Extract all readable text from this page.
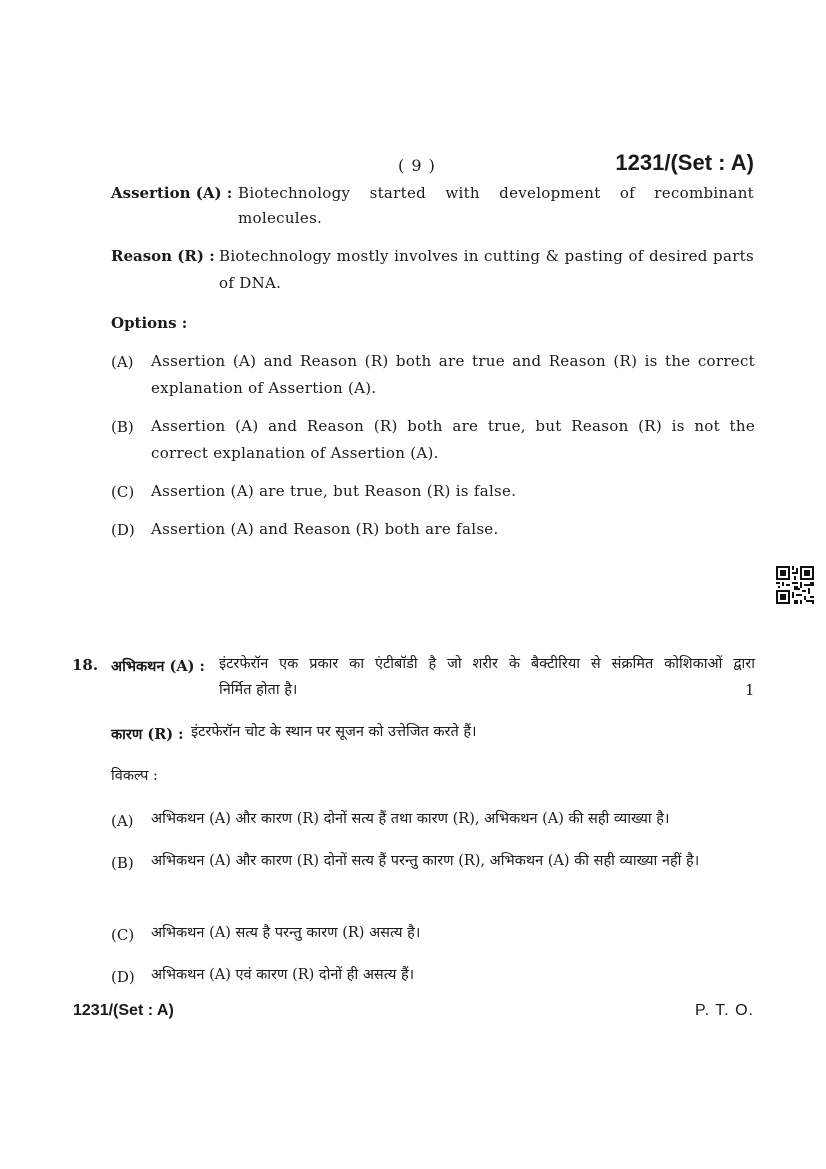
( 9 )	1231/(Set : A)
Assertion (A) : Biotechnology started with development of recombinant
molecules.
Reason (R) : Biotechnology mostly involves in cutting & pasting of desired parts
of DNA.
Options :
(A) Assertion (A) and Reason (R) both are true and Reason (R) is the correct explanation of Assertion (A).
(B) Assertion (A) and Reason (R) both are true, but Reason (R) is not the correct explanation of Assertion (A).
(C) Assertion (A) are true, but Reason (R) is false.
(D) Assertion (A) and Reason (R) both are false.
18. अभिकथन (A) : इंटरफेरॉन एक प्रकार का एंटीबॉडी है जो शरीर के बैक्टीरिया से संक्रमित कोशिकाओं द्वारा
निर्मित होता है।	1
कारण (R) : इंटरफेरॉन चोट के स्थान पर सूजन को उत्तेजित करते हैं।
विकल्प :
(A) अभिकथन (A) और कारण (R) दोनों सत्य हैं तथा कारण (R), अभिकथन (A) की सही व्याख्या है।
(B) अभिकथन (A) और कारण (R) दोनों सत्य हैं परन्तु कारण (R), अभिकथन (A) की सही व्याख्या नहीं है।
(C) अभिकथन (A) सत्य है परन्तु कारण (R) असत्य है।
(D) अभिकथन (A) एवं कारण (R) दोनों ही असत्य हैं।
1231/(Set : A)	P. T. O.
